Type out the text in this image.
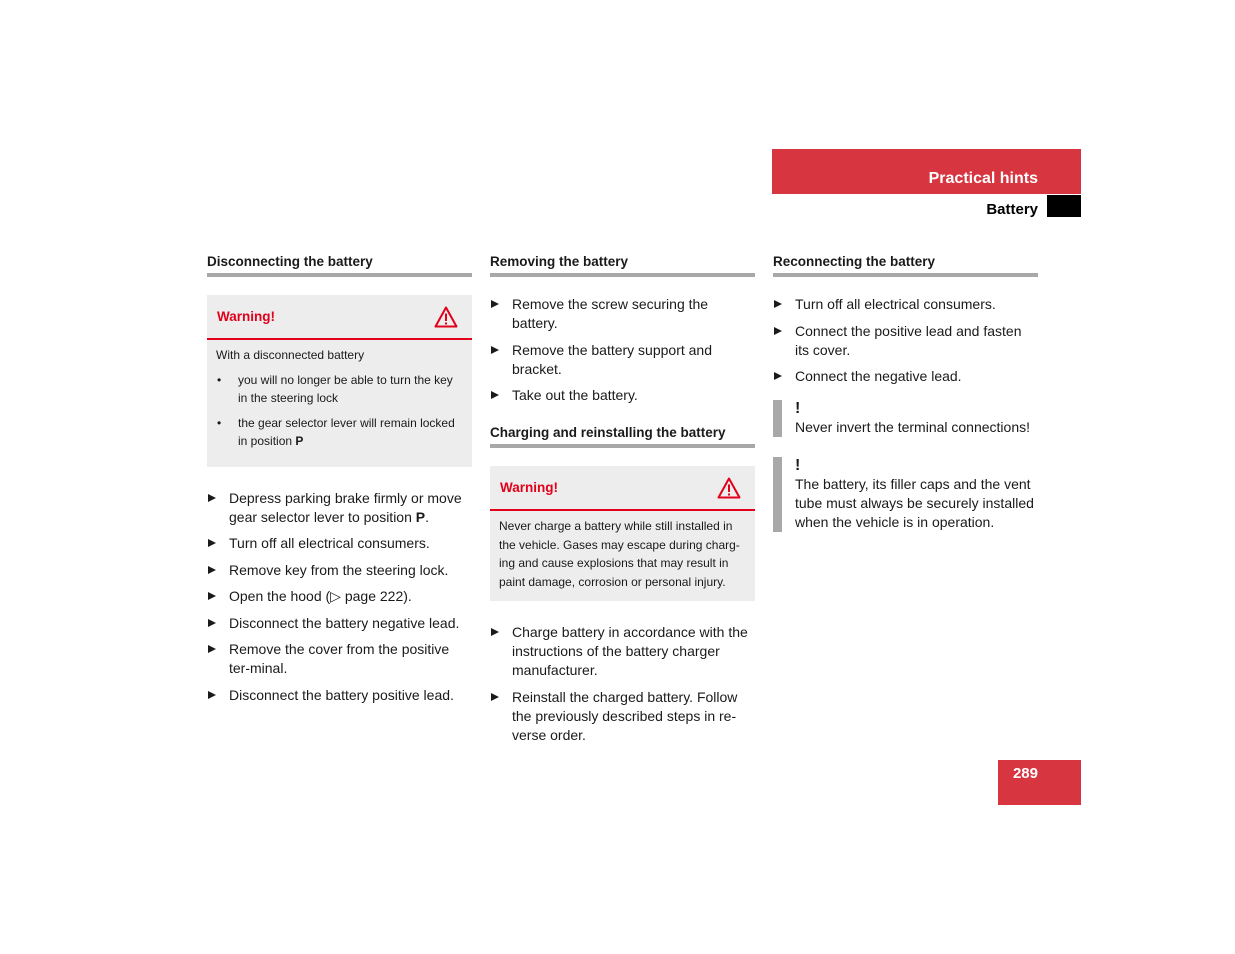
Practical hints
Battery
Disconnecting the battery
Warning!
With a disconnected battery
• you will no longer be able to turn the key in the steering lock
• the gear selector lever will remain locked in position P
Depress parking brake firmly or move gear selector lever to position P.
Turn off all electrical consumers.
Remove key from the steering lock.
Open the hood (▷ page 222).
Disconnect the battery negative lead.
Remove the cover from the positive ter-minal.
Disconnect the battery positive lead.
Removing the battery
Remove the screw securing the battery.
Remove the battery support and bracket.
Take out the battery.
Charging and reinstalling the battery
Warning!
Never charge a battery while still installed in the vehicle. Gases may escape during charg-ing and cause explosions that may result in paint damage, corrosion or personal injury.
Charge battery in accordance with the instructions of the battery charger manufacturer.
Reinstall the charged battery. Follow the previously described steps in re-verse order.
Reconnecting the battery
Turn off all electrical consumers.
Connect the positive lead and fasten its cover.
Connect the negative lead.
!
Never invert the terminal connections!
!
The battery, its filler caps and the vent tube must always be securely installed when the vehicle is in operation.
289
